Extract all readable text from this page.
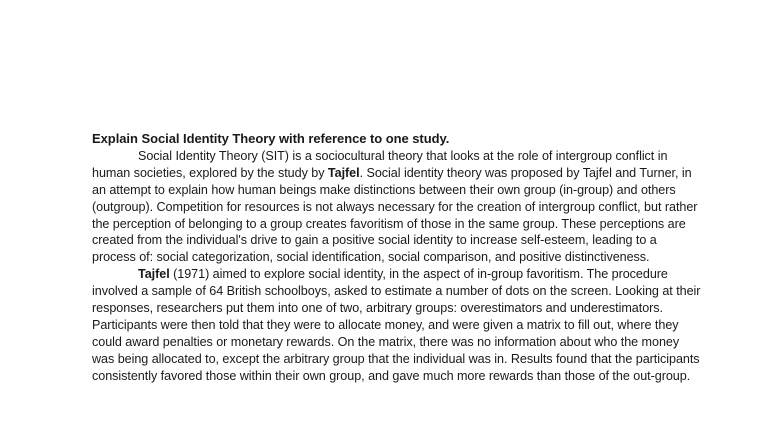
Explain Social Identity Theory with reference to one study.

Social Identity Theory (SIT) is a sociocultural theory that looks at the role of intergroup conflict in human societies, explored by the study by Tajfel. Social identity theory was proposed by Tajfel and Turner, in an attempt to explain how human beings make distinctions between their own group (in-group) and others (outgroup). Competition for resources is not always necessary for the creation of intergroup conflict, but rather the perception of belonging to a group creates favoritism of those in the same group. These perceptions are created from the individual's drive to gain a positive social identity to increase self-esteem, leading to a process of: social categorization, social identification, social comparison, and positive distinctiveness.

Tajfel (1971) aimed to explore social identity, in the aspect of in-group favoritism. The procedure involved a sample of 64 British schoolboys, asked to estimate a number of dots on the screen. Looking at their responses, researchers put them into one of two, arbitrary groups: overestimators and underestimators. Participants were then told that they were to allocate money, and were given a matrix to fill out, where they could award penalties or monetary rewards. On the matrix, there was no information about who the money was being allocated to, except the arbitrary group that the individual was in. Results found that the participants consistently favored those within their own group, and gave much more rewards than those of the out-group.
